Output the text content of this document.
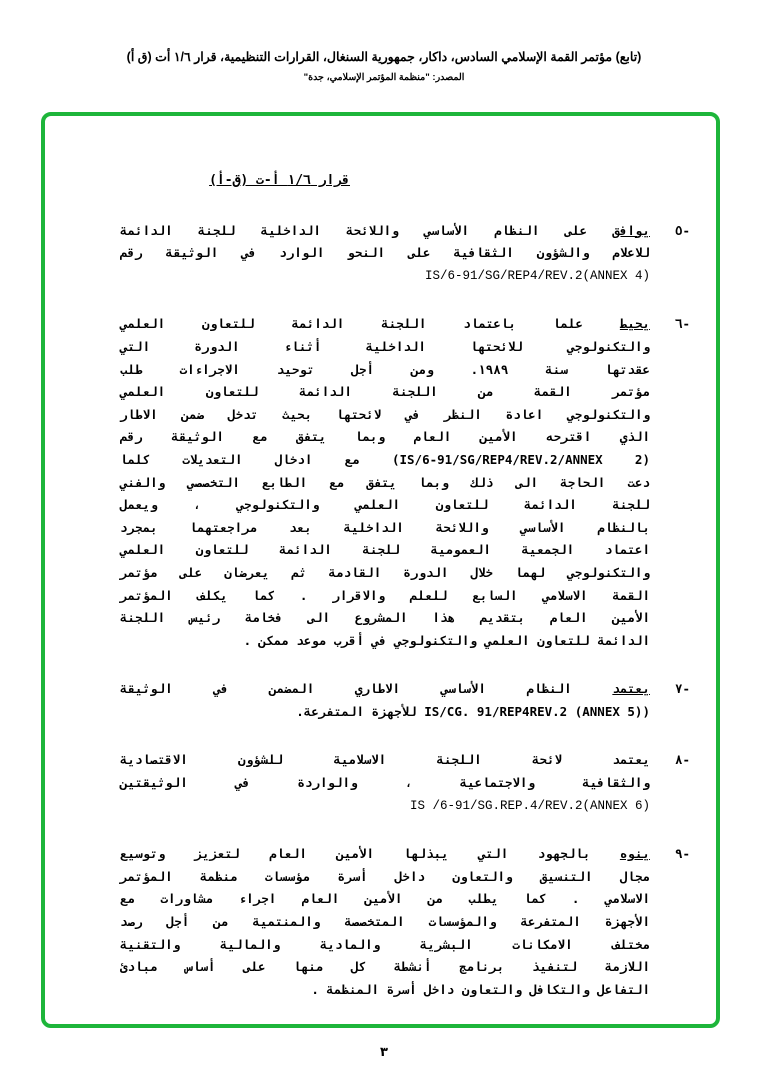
(تابع) مؤتمر القمة الإسلامي السادس، داكار، جمهورية السنغال، القرارات التنظيمية، قرار ١/٦ أت (ق أ)
المصدر: "منظمة المؤتمر الإسلامي، جدة"
قرار ١/٦ أ-ت (ق-أ)
-٥
يوافق على النظام الأساسي واللائحة الداخلية للجنة الدائمة
للاعلام والشؤون الثقافية على النحو الوارد في الوثيقة رقم
IS/6-91/SG/REP4/REV.2(ANNEX 4)
-٦
يحيط علما باعتماد اللجنة الدائمة للتعاون العلمي
والتكنولوجي للائحتها الداخلية أثناء الدورة التي
عقدتها سنة ١٩٨٩. ومن أجل توحيد الاجراءات طلب
مؤتمر القمة من اللجنة الدائمة للتعاون العلمي
والتكنولوجي اعادة النظر في لائحتها بحيث تدخل ضمن الاطار
الذي اقترحه الأمين العام وبما يتفق مع الوثيقة رقم
(IS/6-91/SG/REP4/REV.2/ANNEX 2) مع ادخال التعديلات كلما
دعت الحاجة الى ذلك وبما يتفق مع الطابع التخصصي والفني
للجنة الدائمة للتعاون العلمي والتكنولوجي ، ويعمل
بالنظام الأساسي واللائحة الداخلية بعد مراجعتهما بمجرد
اعتماد الجمعية العمومية للجنة الدائمة للتعاون العلمي
والتكنولوجي لهما خلال الدورة القادمة ثم يعرضان على مؤتمر
القمة الاسلامي السابع للعلم والاقرار . كما يكلف المؤتمر
الأمين العام بتقديم هذا المشروع الى فخامة رئيس اللجنة
الدائمة للتعاون العلمي والتكنولوجي في أقرب موعد ممكن .
-٧
يعتمد النظام الأساسي الاطاري المضمن في الوثيقة
(IS/CG. 91/REP4REV.2 (ANNEX 5) للأجهزة المتفرعة.
-٨
يعتمد لائحة اللجنة الاسلامية للشؤون الاقتصادية
والثقافية والاجتماعية ، والواردة في الوثيقتين
IS /6-91/SG.REP.4/REV.2(ANNEX 6)
-٩
ينوه بالجهود التي يبذلها الأمين العام لتعزيز وتوسيع
مجال التنسيق والتعاون داخل أسرة مؤسسات منظمة المؤتمر
الاسلامي . كما يطلب من الأمين العام اجراء مشاورات مع
الأجهزة المتفرعة والمؤسسات المتخصصة والمنتمية من أجل رصد
مختلف الامكانات البشرية والمادية والمالية والتقنية
اللازمة لتنفيذ برنامج أنشطة كل منها على أساس مبادئ
التفاعل والتكافل والتعاون داخل أسرة المنظمة .
٣
